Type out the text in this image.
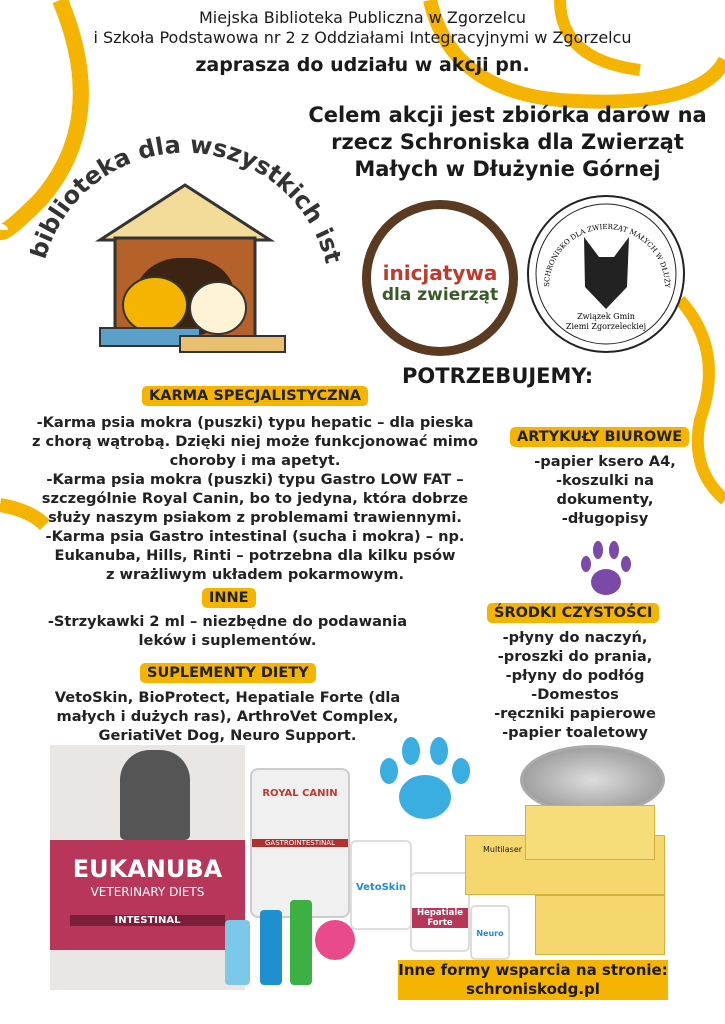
Miejska Biblioteka Publiczna w Zgorzelcu
i Szkoła Podstawowa nr 2 z Oddziałami Integracyjnymi w Zgorzelcu
zaprasza do udziału w akcji pn.
iblioteka dla wszystkich i
Celem akcji jest zbiórka darów na
rzecz Schroniska dla Zwierząt
Małych w Dłużynie Górnej
inicjatywa
dla zwierząt
SCHRONISKO DLA ZWIERZĄT MAŁYCH W DŁUŻY
Związek Gmin
Ziemi Zgorzeleckiej
POTRZEBUJEMY:
KARMA SPECJALISTYCZNA
-Karma psia mokra (puszki) typu hepatic – dla pieska
z chorą wątrobą. Dzięki niej może funkcjonować mimo
choroby i ma apetyt.
-Karma psia mokra (puszki) typu Gastro LOW FAT –
szczególnie Royal Canin, bo to jedyna, która dobrze
służy naszym psiakom z problemami trawiennymi.
-Karma psia Gastro intestinal (sucha i mokra) – np.
Eukanuba, Hills, Rinti – potrzebna dla kilku psów
z wrażliwym układem pokarmowym.
INNE
-Strzykawki 2 ml – niezbędne do podawania
leków i suplementów.
SUPLEMENTY DIETY
VetoSkin, BioProtect, Hepatiale Forte (dla
małych i dużych ras), ArthroVet Complex,
GeriatiVet Dog, Neuro Support.
ARTYKUŁY BIUROWE
-papier ksero A4,
-koszulki na
dokumenty,
-długopisy
ŚRODKI CZYSTOŚCI
-płyny do naczyń,
-proszki do prania,
-płyny do podłóg
-Domestos
-ręczniki papierowe
-papier toaletowy
EUKANUBA
VETERINARY DIETS
INTESTINAL
ROYAL CANIN
GASTROINTESTINAL
VetoSkin
Hepatiale Forte
Neuro
Multilaser
Inne formy wsparcia na stronie:
schroniskodg.pl
